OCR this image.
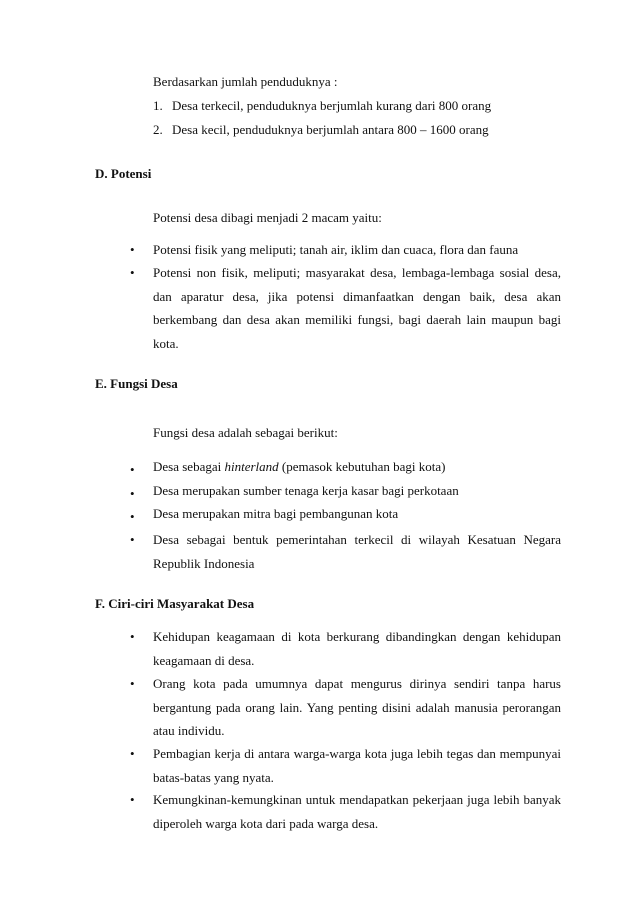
Berdasarkan jumlah penduduknya :
1. Desa terkecil, penduduknya berjumlah kurang dari 800 orang
2. Desa kecil, penduduknya berjumlah antara 800 – 1600 orang
D. Potensi
Potensi desa dibagi menjadi 2 macam yaitu:
•	Potensi fisik yang meliputi; tanah air, iklim dan cuaca, flora dan fauna
•	Potensi non fisik, meliputi; masyarakat desa, lembaga-lembaga sosial desa,
dan aparatur desa, jika potensi dimanfaatkan dengan baik, desa akan
berkembang dan desa akan memiliki fungsi, bagi daerah lain maupun bagi
kota.
E. Fungsi Desa
Fungsi desa adalah sebagai berikut:
•	Desa sebagai hinterland (pemasok kebutuhan bagi kota)
•	Desa merupakan sumber tenaga kerja kasar bagi perkotaan
•	Desa merupakan mitra bagi pembangunan kota
•	Desa sebagai bentuk pemerintahan terkecil di wilayah Kesatuan Negara
Republik Indonesia
F. Ciri-ciri Masyarakat Desa
•	Kehidupan keagamaan di kota berkurang dibandingkan dengan kehidupan
keagamaan di desa.
•	Orang kota pada umumnya dapat mengurus dirinya sendiri tanpa harus
bergantung pada orang lain. Yang penting disini adalah manusia perorangan
atau individu.
•	Pembagian kerja di antara warga-warga kota juga lebih tegas dan mempunyai
batas-batas yang nyata.
•	Kemungkinan-kemungkinan untuk mendapatkan pekerjaan juga lebih banyak
diperoleh warga kota dari pada warga desa.
